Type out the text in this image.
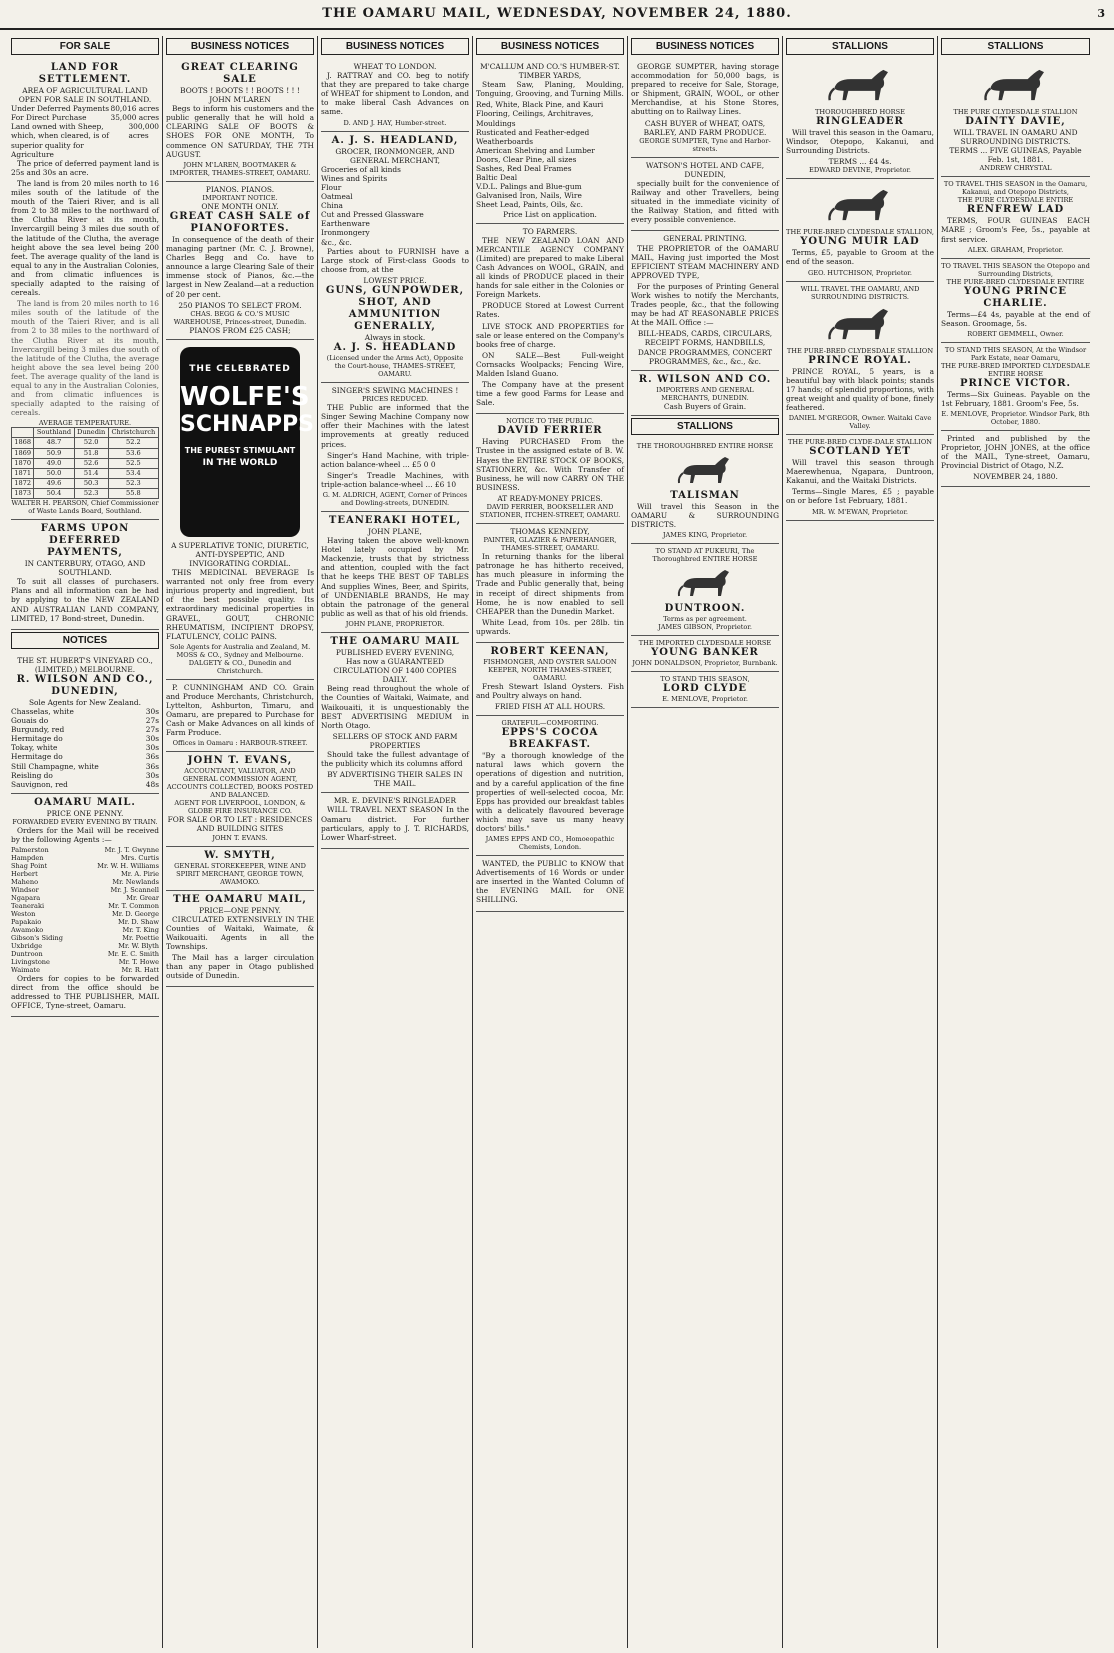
THE OAMARU MAIL, WEDNESDAY, NOVEMBER 24, 1880.	3
FOR SALE
LAND FOR SETTLEMENT.
AREA OF AGRICULTURAL LAND OPEN FOR SALE IN SOUTHLAND.
Under Deferred Payments 80,016 acres
For Direct Purchase	35,000 acres
Land owned with Sheep, which, when cleared, is of superior quality for Agriculture
300,000 acres

The price of deferred payment land is 25s and 30s an acre.

The land is from 20 miles north to 16 miles south of the latitude of the mouth of the Taieri River, and is all from 2 to 38 miles to the northward of the Clutha River at its mouth, Invercargill being 3 miles due south of the latitude of the Clutha, the average height above the sea level being 200 feet. The average quality of the land is equal to any in the Australian Colonies, and from climatic influences is specially adapted to the raising of cereals.

The land is from 20 miles north to 16 miles south of the latitude of the mouth of the Taieri River, and is all from 2 to 38 miles to the northward of the Clutha River at its mouth, Invercargill being 3 miles due south of the latitude of the Clutha, the average height above the sea level being 200 feet. The average quality of the land is equal to any in the Australian Colonies, and from climatic influences is specially adapted to the raising of cereals.

AVERAGE TEMPERATURE.
	Southland	Dunedin	Christchurch
1868	48.7	52.0	52.2
1869	50.9	51.8	53.6
1870	49.0	52.6	52.5
1871	50.0	51.4	53.4
1872	49.6	50.3	52.3
1873	50.4	52.3	55.8
WALTER H. PEARSON, Chief Commissioner of Waste Lands Board, Southland.
FARMS UPON DEFERRED PAYMENTS,
IN CANTERBURY, OTAGO, AND SOUTHLAND.

To suit all classes of purchasers. Plans and all information can be had by applying to the NEW ZEALAND AND AUSTRALIAN LAND COMPANY, LIMITED, 17 Bond-street, Dunedin.

NOTICES
THE ST. HUBERT'S VINEYARD CO., (LIMITED,) MELBOURNE.
R. WILSON AND CO., DUNEDIN,
Sole Agents for New Zealand.
Chasselas, white	30s
Gouais do	27s
Burgundy, red	27s
Hermitage do	30s
Tokay, white	30s
Hermitage do	36s
Still Champagne, white	36s
Reisling do	30s
Sauvignon, red	48s
OAMARU MAIL.
PRICE ONE PENNY.
FORWARDED EVERY EVENING BY TRAIN.

Orders for the Mail will be received by the following Agents :—

Palmerston	Mr. J. T. Gwynne
Hampden	Mrs. Curtis
Shag Point	Mr. W. H. Williams
Herbert	Mr. A. Pirie
Maheno	Mr. Newlands
Windsor	Mr. J. Scannell
Ngapara	Mr. Grear
Teaneraki	Mr. T. Common
Weston	Mr. D. George
Papakaio	Mr. D. Shaw
Awamoko	Mr. T. King
Gibson's Siding	Mr. Poettie
Uxbridge	Mr. W. Blyth
Duntroon	Mr. E. C. Smith
Livingstone	Mr. T. Howe
Waimate	Mr. R. Hatt

Orders for copies to be forwarded direct from the office should be addressed to THE PUBLISHER, MAIL OFFICE, Tyne-street, Oamaru.

BUSINESS NOTICES
GREAT CLEARING SALE
BOOTS ! BOOTS ! ! BOOTS ! ! !
JOHN M'LAREN

Begs to inform his customers and the public generally that he will hold a CLEARING SALE OF BOOTS & SHOES FOR ONE MONTH, To commence ON SATURDAY, THE 7TH AUGUST.

JOHN M'LAREN, BOOTMAKER & IMPORTER, THAMES-STREET, OAMARU.
PIANOS. PIANOS.
IMPORTANT NOTICE.
ONE MONTH ONLY.
GREAT CASH SALE of PIANOFORTES.

In consequence of the death of their managing partner (Mr. C. J. Browne), Charles Begg and Co. have to announce a large Clearing Sale of their immense stock of Pianos, &c.—the largest in New Zealand—at a reduction of 20 per cent.

250 PIANOS TO SELECT FROM.
CHAS. BEGG & CO.'S MUSIC WAREHOUSE, Princes-street, Dunedin.
PIANOS FROM £25 CASH;
THE CELEBRATED
WOLFE'S
SCHNAPPS
THE PUREST STIMULANT
IN THE WORLD
A SUPERLATIVE TONIC, DIURETIC, ANTI-DYSPEPTIC, AND INVIGORATING CORDIAL.

THIS MEDICINAL BEVERAGE Is warranted not only free from every injurious property and ingredient, but of the best possible quality. Its extraordinary medicinal properties in GRAVEL, GOUT, CHRONIC RHEUMATISM, INCIPIENT DROPSY, FLATULENCY, COLIC PAINS.

Sole Agents for Australia and Zealand, M. MOSS & CO., Sydney and Melbourne.
DALGETY & CO., Dunedin and Christchurch.

P. CUNNINGHAM AND CO. Grain and Produce Merchants, Christchurch, Lyttelton, Ashburton, Timaru, and Oamaru, are prepared to Purchase for Cash or Make Advances on all kinds of Farm Produce.

Offices in Oamaru : HARBOUR-STREET.
JOHN T. EVANS,
ACCOUNTANT, VALUATOR, AND GENERAL COMMISSION AGENT, ACCOUNTS COLLECTED, BOOKS POSTED AND BALANCED.
AGENT FOR LIVERPOOL, LONDON, & GLOBE FIRE INSURANCE CO.
FOR SALE OR TO LET : RESIDENCES AND BUILDING SITES
JOHN T. EVANS.
W. SMYTH,
GENERAL STOREKEEPER, WINE AND SPIRIT MERCHANT, GEORGE TOWN, AWAMOKO.
THE OAMARU MAIL,
PRICE—ONE PENNY.

CIRCULATED EXTENSIVELY IN THE Counties of Waitaki, Waimate, & Waikouaiti. Agents in all the Townships.

The Mail has a larger circulation than any paper in Otago published outside of Dunedin.

BUSINESS NOTICES
WHEAT TO LONDON.

J. RATTRAY and CO. beg to notify that they are prepared to take charge of WHEAT for shipment to London, and to make liberal Cash Advances on same.

D. AND J. HAY, Humber-street.
A. J. S. HEADLAND,
GROCER, IRONMONGER, AND GENERAL MERCHANT,
Groceries of all kinds
Wines and Spirits
Flour
Oatmeal
China
Cut and Pressed Glassware
Earthenware
Ironmongery
&c., &c.

Parties about to FURNISH have a Large stock of First-class Goods to choose from, at the

LOWEST PRICE.
GUNS, GUNPOWDER, SHOT, AND AMMUNITION GENERALLY,
Always in stock.
A. J. S. HEADLAND
(Licensed under the Arms Act), Opposite the Court-house, THAMES-STREET, OAMARU.
SINGER'S SEWING MACHINES !
PRICES REDUCED.

THE Public are informed that the Singer Sewing Machine Company now offer their Machines with the latest improvements at greatly reduced prices.

Singer's Hand Machine, with triple-action balance-wheel ... £5 0 0

Singer's Treadle Machines, with triple-action balance-wheel ... £6 10

G. M. ALDRICH, AGENT, Corner of Princes and Dowling-streets, DUNEDIN.
TEANERAKI HOTEL,
JOHN PLANE,

Having taken the above well-known Hotel lately occupied by Mr. Mackenzie, trusts that by strictness and attention, coupled with the fact that he keeps THE BEST OF TABLES And supplies Wines, Beer, and Spirits, of UNDENIABLE BRANDS, He may obtain the patronage of the general public as well as that of his old friends.

JOHN PLANE, PROPRIETOR.
THE OAMARU MAIL
PUBLISHED EVERY EVENING,
Has now a GUARANTEED CIRCULATION OF 1400 COPIES DAILY.

Being read throughout the whole of the Counties of Waitaki, Waimate, and Waikouaiti, it is unquestionably the BEST ADVERTISING MEDIUM in North Otago.

SELLERS OF STOCK AND FARM PROPERTIES

Should take the fullest advantage of the publicity which its columns afford

BY ADVERTISING THEIR SALES IN THE MAIL.
MR. E. DEVINE'S RINGLEADER

WILL TRAVEL NEXT SEASON In the Oamaru district. For further particulars, apply to J. T. RICHARDS, Lower Wharf-street.

BUSINESS NOTICES
M'CALLUM AND CO.'S HUMBER-ST. TIMBER YARDS,

Steam Saw, Planing, Moulding, Tonguing, Grooving, and Turning Mills.

Red, White, Black Pine, and Kauri
Flooring, Ceilings, Architraves, Mouldings
Rusticated and Feather-edged Weatherboards
American Shelving and Lumber
Doors, Clear Pine, all sizes
Sashes, Red Deal Frames
Baltic Deal
V.D.L. Palings and Blue-gum
Galvanised Iron, Nails, Wire
Sheet Lead, Paints, Oils, &c.
Price List on application.
TO FARMERS.

THE NEW ZEALAND LOAN AND MERCANTILE AGENCY COMPANY (Limited) are prepared to make Liberal Cash Advances on WOOL, GRAIN, and all kinds of PRODUCE placed in their hands for sale either in the Colonies or Foreign Markets.

PRODUCE Stored at Lowest Current Rates.

LIVE STOCK AND PROPERTIES for sale or lease entered on the Company's books free of charge.

ON SALE—Best Full-weight Cornsacks Woolpacks; Fencing Wire, Malden Island Guano.

The Company have at the present time a few good Farms for Lease and Sale.

NOTICE TO THE PUBLIC.
DAVID FERRIER

Having PURCHASED From the Trustee in the assigned estate of B. W. Hayes the ENTIRE STOCK OF BOOKS, STATIONERY, &c. With Transfer of Business, he will now CARRY ON THE BUSINESS.

AT READY-MONEY PRICES.
DAVID FERRIER, BOOKSELLER AND STATIONER, ITCHEN-STREET, OAMARU.
THOMAS KENNEDY,
PAINTER, GLAZIER & PAPERHANGER, THAMES-STREET, OAMARU.

In returning thanks for the liberal patronage he has hitherto received, has much pleasure in informing the Trade and Public generally that, being in receipt of direct shipments from Home, he is now enabled to sell CHEAPER than the Dunedin Market.

White Lead, from 10s. per 28lb. tin upwards.

ROBERT KEENAN,
FISHMONGER, AND OYSTER SALOON KEEPER, NORTH THAMES-STREET, OAMARU.

Fresh Stewart Island Oysters. Fish and Poultry always on hand.

FRIED FISH AT ALL HOURS.
GRATEFUL—COMFORTING.
EPPS'S COCOA BREAKFAST.

"By a thorough knowledge of the natural laws which govern the operations of digestion and nutrition, and by a careful application of the fine properties of well-selected cocoa, Mr. Epps has provided our breakfast tables with a delicately flavoured beverage which may save us many heavy doctors' bills."

JAMES EPPS AND CO., Homoeopathic Chemists, London.

WANTED, the PUBLIC to KNOW that Advertisements of 16 Words or under are inserted in the Wanted Column of the EVENING MAIL for ONE SHILLING.

BUSINESS NOTICES

GEORGE SUMPTER, having storage accommodation for 50,000 bags, is prepared to receive for Sale, Storage, or Shipment, GRAIN, WOOL, or other Merchandise, at his Stone Stores, abutting on to Railway Lines.

CASH BUYER of WHEAT, OATS, BARLEY, AND FARM PRODUCE.
GEORGE SUMPTER, Tyne and Harbor-streets.
WATSON'S HOTEL AND CAFE, DUNEDIN,

specially built for the convenience of Railway and other Travellers, being situated in the immediate vicinity of the Railway Station, and fitted with every possible convenience.

GENERAL PRINTING.

THE PROPRIETOR of the OAMARU MAIL, Having just imported the Most EFFICIENT STEAM MACHINERY AND APPROVED TYPE,

For the purposes of Printing General Work wishes to notify the Merchants, Trades people, &c., that the following may be had AT REASONABLE PRICES At the MAIL Office :—

BILL-HEADS, CARDS, CIRCULARS, RECEIPT FORMS, HANDBILLS, DANCE PROGRAMMES, CONCERT PROGRAMMES, &c., &c., &c.
R. WILSON AND CO.
IMPORTERS AND GENERAL MERCHANTS, DUNEDIN.
Cash Buyers of Grain.
STALLIONS
THE THOROUGHBRED ENTIRE HORSE
TALISMAN

Will travel this Season in the OAMARU & SURROUNDING DISTRICTS.

JAMES KING, Proprietor.
TO STAND AT PUKEURI, The Thoroughbred ENTIRE HORSE
DUNTROON.
Terms as per agreement.
JAMES GIBSON, Proprietor.
THE IMPORTED CLYDESDALE HORSE
YOUNG BANKER
JOHN DONALDSON, Proprietor, Burnbank.
TO STAND THIS SEASON,
LORD CLYDE
E. MENLOVE, Proprietor.
STALLIONS
THOROUGHBRED HORSE
RINGLEADER

Will travel this season in the Oamaru, Windsor, Otepopo, Kakanui, and Surrounding Districts.

TERMS ... £4 4s.
EDWARD DEVINE, Proprietor.
THE PURE-BRED CLYDESDALE STALLION,
YOUNG MUIR LAD

Terms, £5, payable to Groom at the end of the season.

GEO. HUTCHISON, Proprietor.
WILL TRAVEL THE OAMARU, AND SURROUNDING DISTRICTS.
THE PURE-BRED CLYDESDALE STALLION
PRINCE ROYAL.

PRINCE ROYAL, 5 years, is a beautiful bay with black points; stands 17 hands; of splendid proportions, with great weight and quality of bone, finely feathered.

DANIEL M'GREGOR, Owner. Waitaki Cave Valley.
THE PURE-BRED CLYDE-DALE STALLION
SCOTLAND YET

Will travel this season through Maerewhenua, Ngapara, Duntroon, Kakanui, and the Waitaki Districts.

Terms—Single Mares, £5 ; payable on or before 1st February, 1881.

MR. W. M'EWAN, Proprietor.
STALLIONS
THE PURE CLYDESDALE STALLION
DAINTY DAVIE,
WILL TRAVEL IN OAMARU AND SURROUNDING DISTRICTS.
TERMS ... FIVE GUINEAS, Payable Feb. 1st, 1881.
ANDREW CHRYSTAL
TO TRAVEL THIS SEASON in the Oamaru, Kakanui, and Otepopo Districts,
THE PURE CLYDESDALE ENTIRE
RENFREW LAD

TERMS, FOUR GUINEAS EACH MARE ; Groom's Fee, 5s., payable at first service.

ALEX. GRAHAM, Proprietor.
TO TRAVEL THIS SEASON the Otepopo and Surrounding Districts,
THE PURE-BRED CLYDESDALE ENTIRE
YOUNG PRINCE CHARLIE.

Terms—£4 4s, payable at the end of Season. Groomage, 5s.

ROBERT GEMMELL, Owner.
TO STAND THIS SEASON, At the Windsor Park Estate, near Oamaru,
THE PURE-BRED IMPORTED CLYDESDALE ENTIRE HORSE
PRINCE VICTOR.

Terms—Six Guineas. Payable on the 1st February, 1881. Groom's Fee, 5s.

E. MENLOVE, Proprietor. Windsor Park, 8th October, 1880.

Printed and published by the Proprietor, JOHN JONES, at the office of the MAIL, Tyne-street, Oamaru, Provincial District of Otago, N.Z.

NOVEMBER 24, 1880.
